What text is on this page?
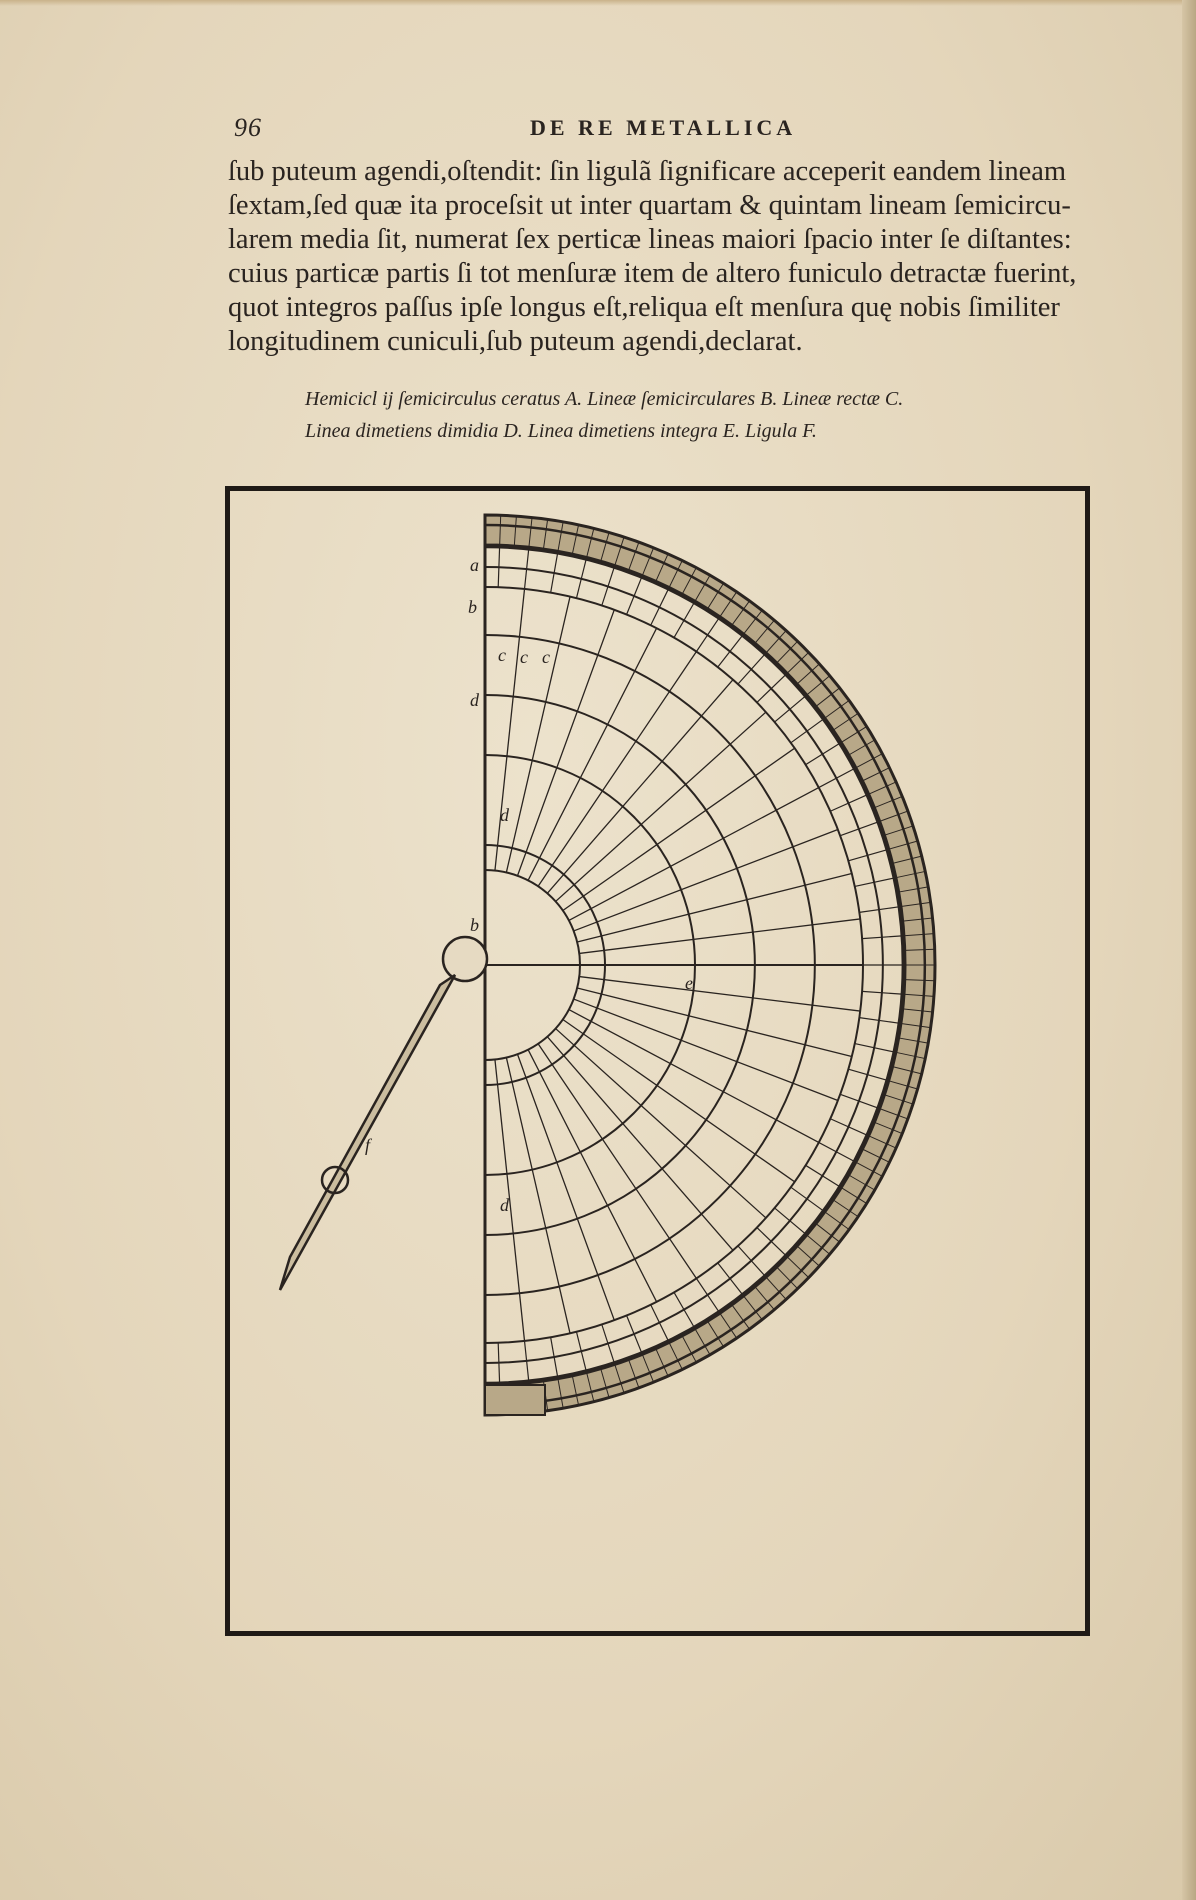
96	DE RE METALLICA
ſub puteum agendi,oſtendit: ſin ligulã ſignificare acceperit eandem lineam
ſextam,ſed quæ ita proceſsit ut inter quartam & quintam lineam ſemicircu-
larem media ſit, numerat ſex perticæ lineas maiori ſpacio inter ſe diſtantes:
cuius particæ partis ſi tot menſuræ item de altero funiculo detractæ fuerint,
quot integros paſſus ipſe longus eſt,reliqua eſt menſura quę nobis ſimiliter
longitudinem cuniculi,ſub puteum agendi,declarat.
Hemicicl ij ſemicirculus ceratus A. Lineæ ſemicirculares B. Lineæ rectæ C.
Linea dimetiens dimidia D. Linea dimetiens integra E. Ligula F.
a
b
c c c
d
d
b
e
f
d
